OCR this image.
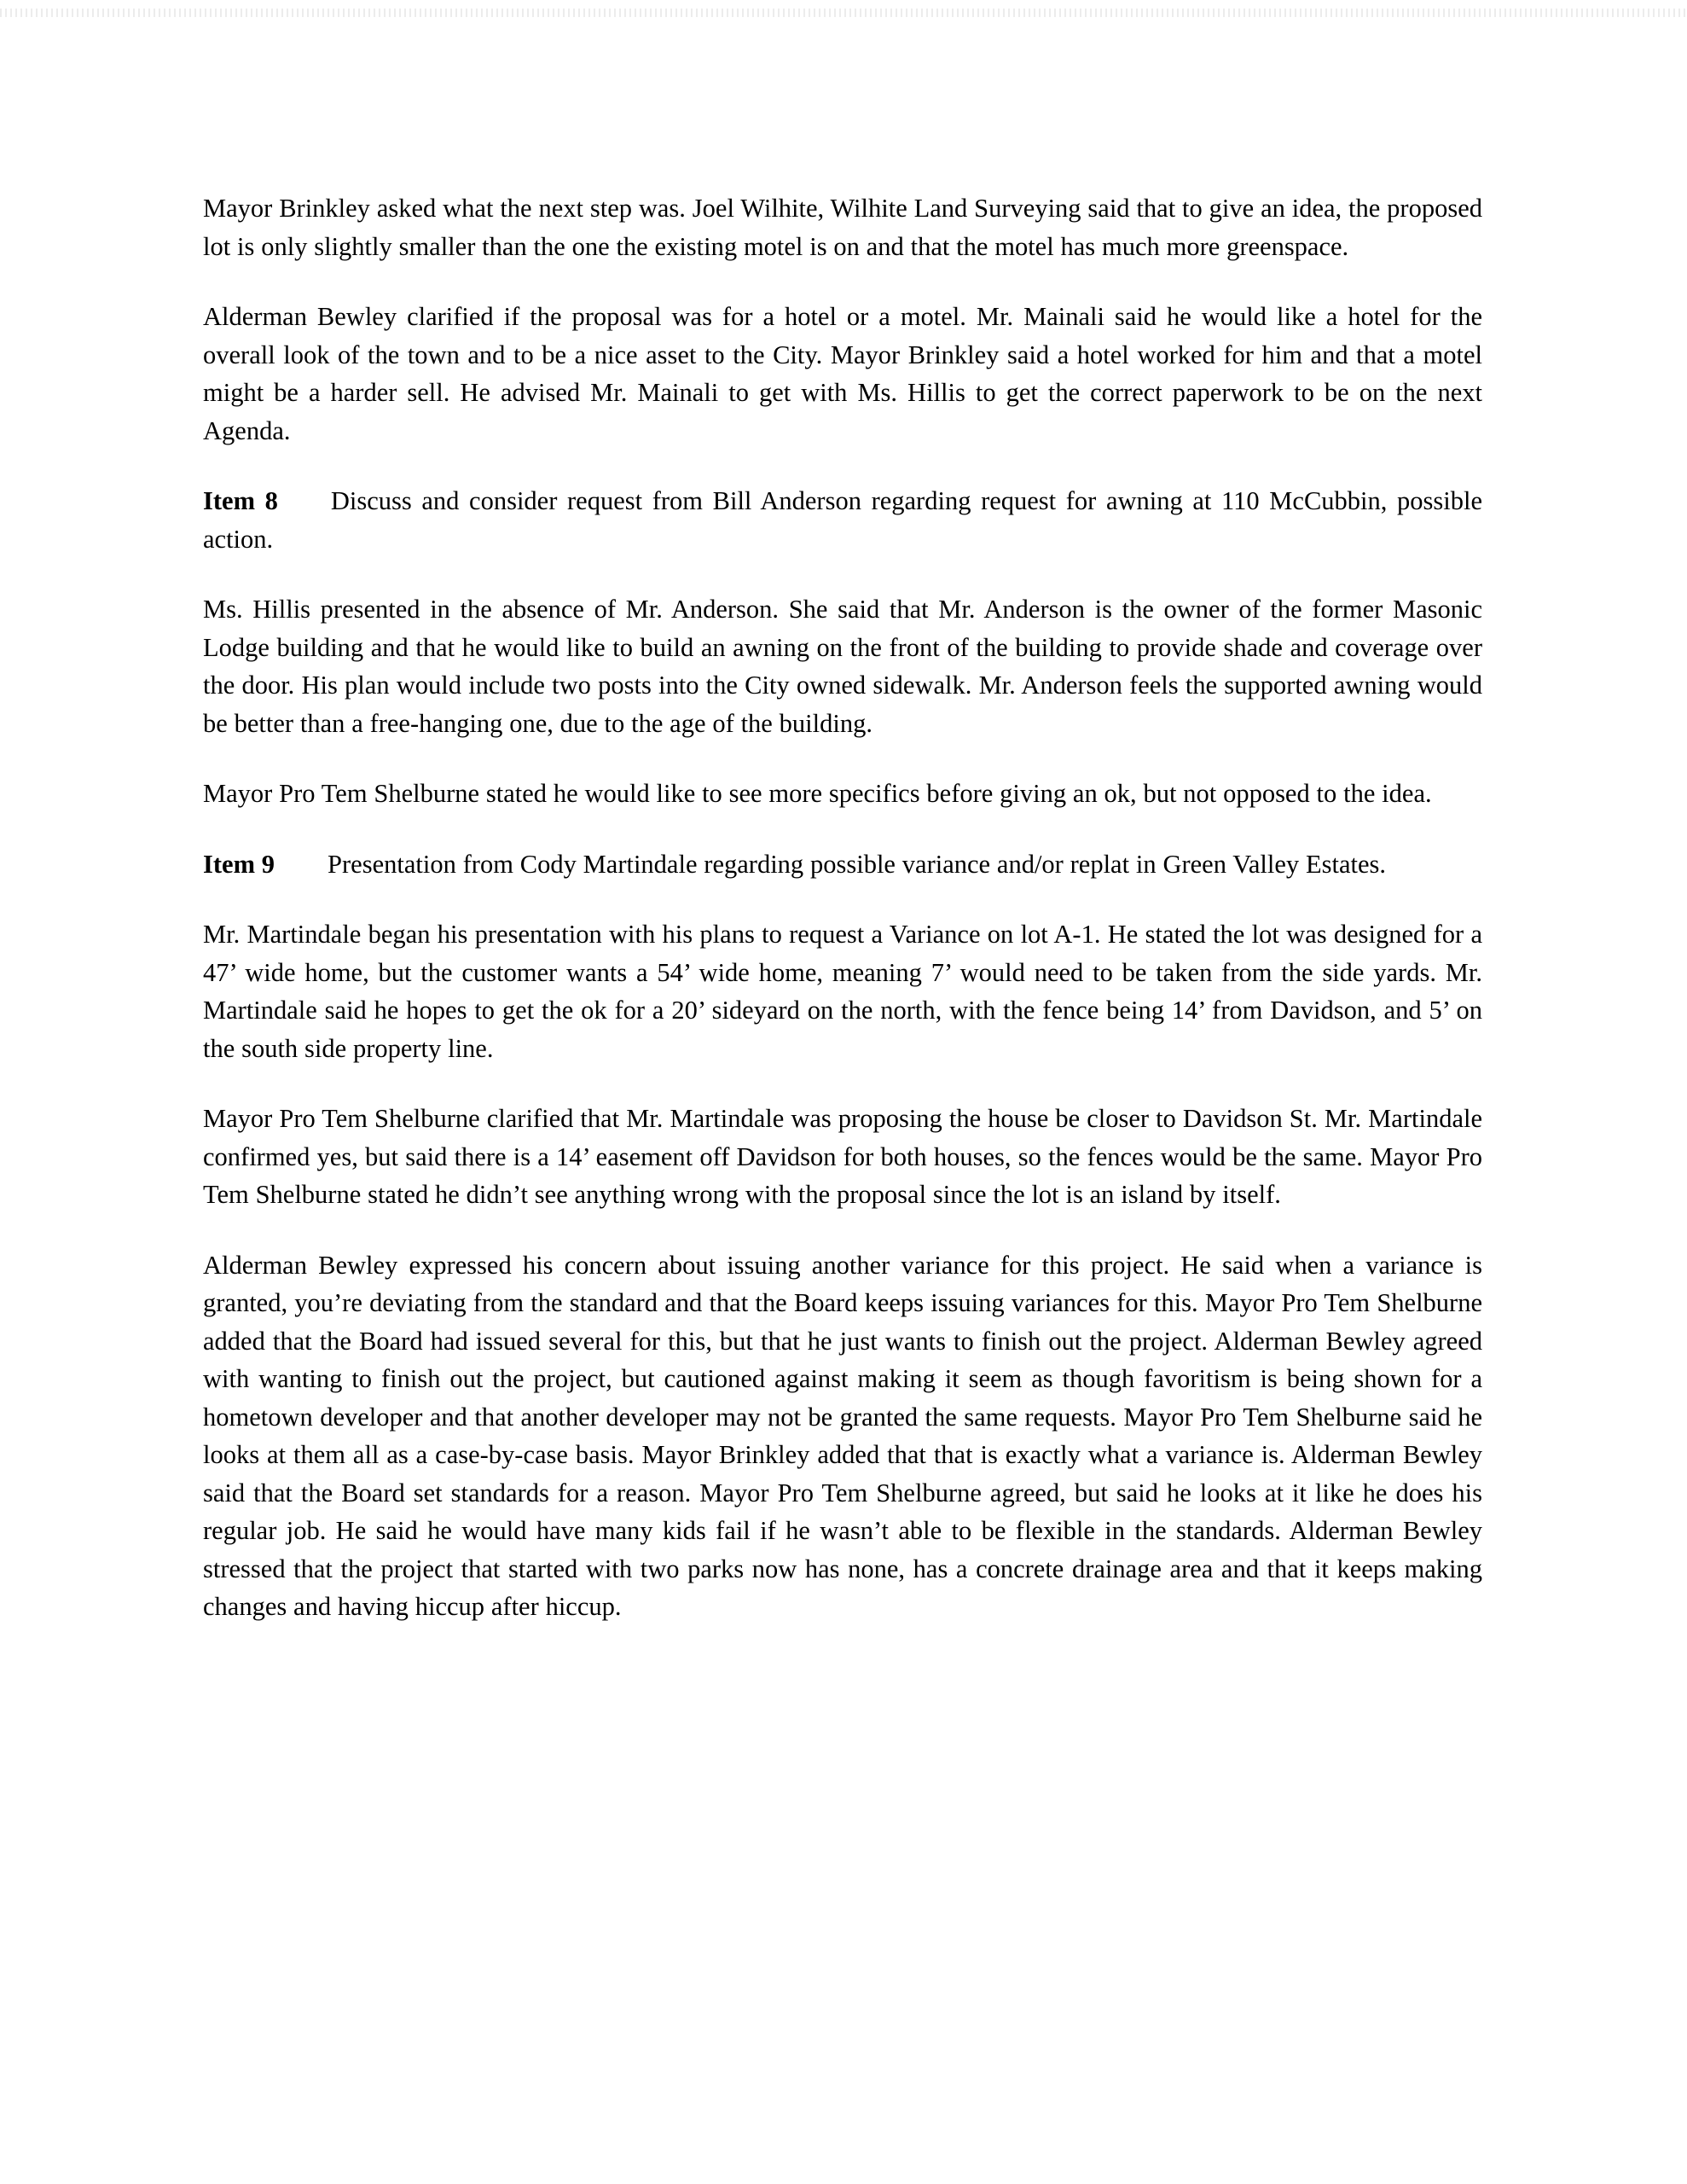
Mayor Brinkley asked what the next step was. Joel Wilhite, Wilhite Land Surveying said that to give an idea, the proposed lot is only slightly smaller than the one the existing motel is on and that the motel has much more greenspace.

Alderman Bewley clarified if the proposal was for a hotel or a motel. Mr. Mainali said he would like a hotel for the overall look of the town and to be a nice asset to the City. Mayor Brinkley said a hotel worked for him and that a motel might be a harder sell. He advised Mr. Mainali to get with Ms. Hillis to get the correct paperwork to be on the next Agenda.

Item 8 Discuss and consider request from Bill Anderson regarding request for awning at 110 McCubbin, possible action.

Ms. Hillis presented in the absence of Mr. Anderson. She said that Mr. Anderson is the owner of the former Masonic Lodge building and that he would like to build an awning on the front of the building to provide shade and coverage over the door. His plan would include two posts into the City owned sidewalk. Mr. Anderson feels the supported awning would be better than a free-hanging one, due to the age of the building.

Mayor Pro Tem Shelburne stated he would like to see more specifics before giving an ok, but not opposed to the idea.

Item 9 Presentation from Cody Martindale regarding possible variance and/or replat in Green Valley Estates.

Mr. Martindale began his presentation with his plans to request a Variance on lot A-1. He stated the lot was designed for a 47’ wide home, but the customer wants a 54’ wide home, meaning 7’ would need to be taken from the side yards. Mr. Martindale said he hopes to get the ok for a 20’ sideyard on the north, with the fence being 14’ from Davidson, and 5’ on the south side property line.

Mayor Pro Tem Shelburne clarified that Mr. Martindale was proposing the house be closer to Davidson St. Mr. Martindale confirmed yes, but said there is a 14’ easement off Davidson for both houses, so the fences would be the same. Mayor Pro Tem Shelburne stated he didn’t see anything wrong with the proposal since the lot is an island by itself.

Alderman Bewley expressed his concern about issuing another variance for this project. He said when a variance is granted, you’re deviating from the standard and that the Board keeps issuing variances for this. Mayor Pro Tem Shelburne added that the Board had issued several for this, but that he just wants to finish out the project. Alderman Bewley agreed with wanting to finish out the project, but cautioned against making it seem as though favoritism is being shown for a hometown developer and that another developer may not be granted the same requests. Mayor Pro Tem Shelburne said he looks at them all as a case-by-case basis. Mayor Brinkley added that that is exactly what a variance is. Alderman Bewley said that the Board set standards for a reason. Mayor Pro Tem Shelburne agreed, but said he looks at it like he does his regular job. He said he would have many kids fail if he wasn’t able to be flexible in the standards. Alderman Bewley stressed that the project that started with two parks now has none, has a concrete drainage area and that it keeps making changes and having hiccup after hiccup.
